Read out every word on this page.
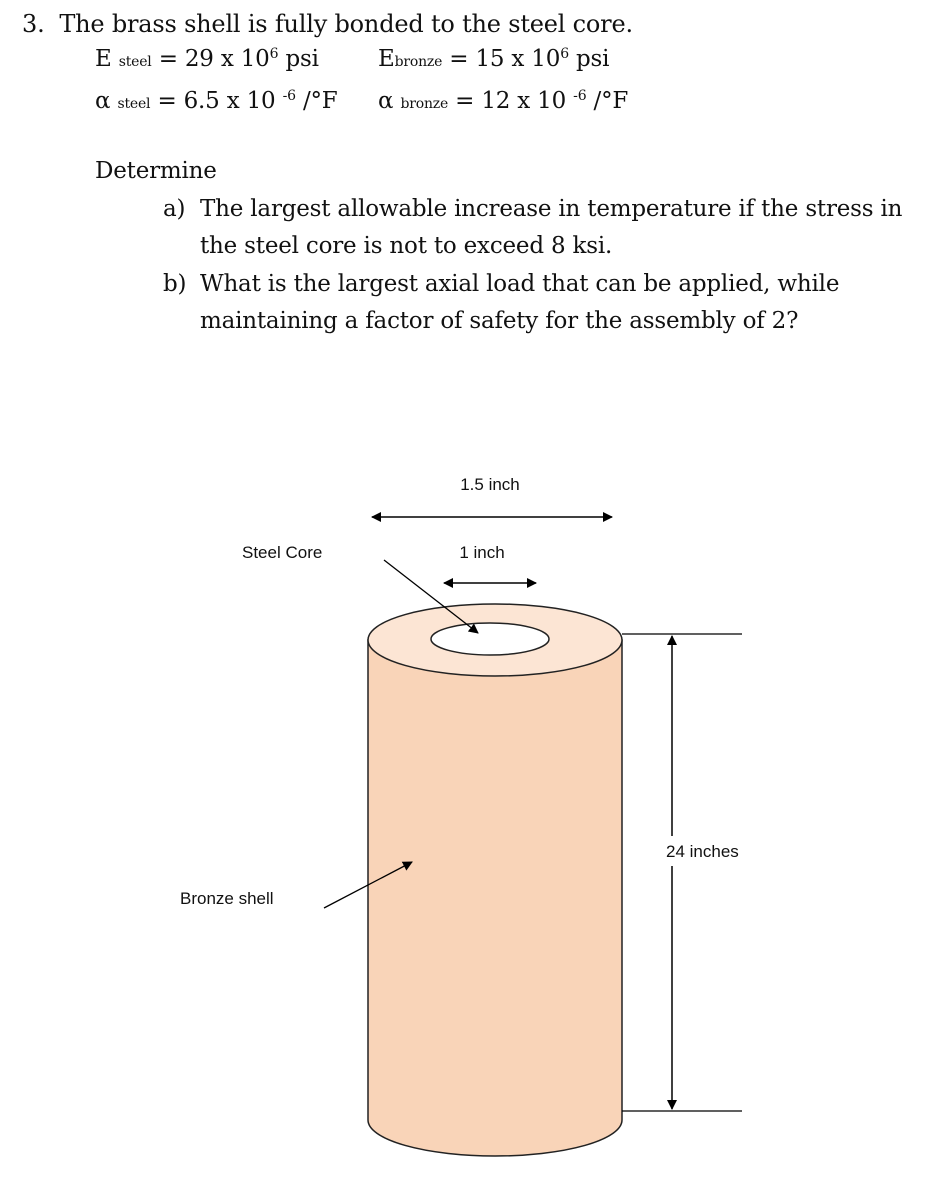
3. The brass shell is fully bonded to the steel core.
E steel = 29 x $10^6$ psi	Ebronze = 15 x $10^6$ psi
α steel = 6.5 x 10 $^{-6}$ /°F α bronze = 12 x 10 $^{-6}$ /°F
Determine
a) The largest allowable increase in temperature if the stress in
the steel core is not to exceed 8 ksi.
b) What is the largest axial load that can be applied, while
maintaining a factor of safety for the assembly of 2?
1.5 inch
1 inch
Steel Core
Bronze shell
24 inches
